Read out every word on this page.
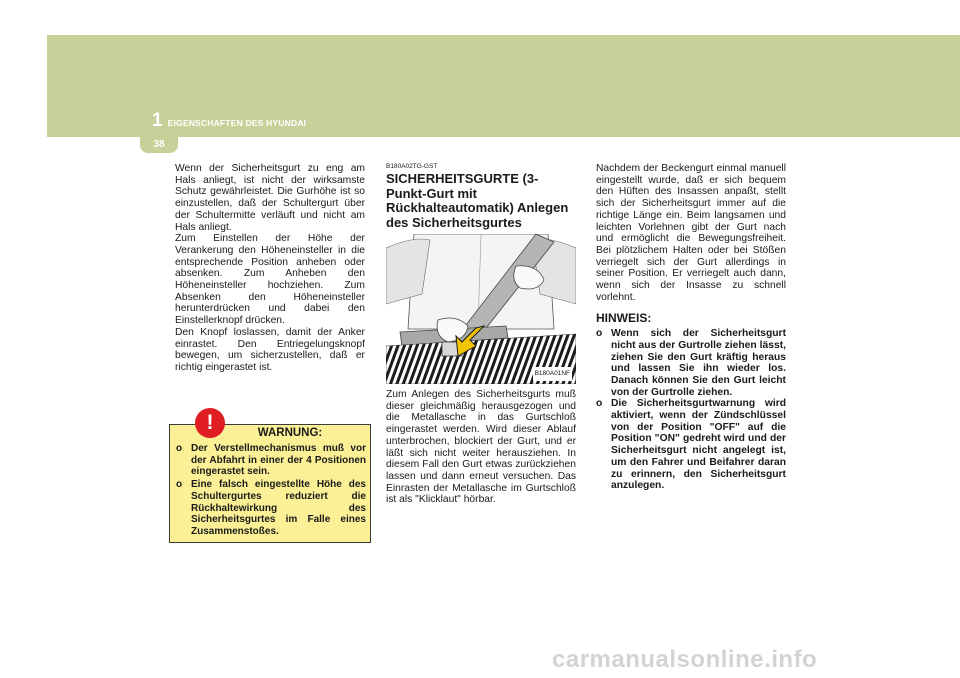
1 EIGENSCHAFTEN DES HYUNDAI
38

Wenn der Sicherheitsgurt zu eng am Hals anliegt, ist nicht der wirksamste Schutz gewährleistet. Die Gurhöhe ist so einzustellen, daß der Schultergurt über der Schultermitte verläuft und nicht am Hals anliegt.

Zum Einstellen der Höhe der Verankerung den Höheneinsteller in die entsprechende Position anheben oder absenken. Zum Anheben den Höheneinsteller hochziehen. Zum Absenken den Höheneinsteller herunterdrücken und dabei den Einstellerknopf drücken.

Den Knopf loslassen, damit der Anker einrastet. Den Entriegelungsknopf bewegen, um sicherzustellen, daß er richtig eingerastet ist.

!	WARNUNG:
o Der Verstellmechanismus muß vor der Abfahrt in einer der 4 Positionen eingerastet sein.
o Eine falsch eingestellte Höhe des Schultergurtes reduziert die Rückhaltewirkung des Sicherheitsgurtes im Falle eines Zusammenstoßes.
B180A02TG-GST
SICHERHEITSGURTE (3-Punkt-Gurt mit Rückhalteautomatik) Anlegen des Sicherheitsgurtes
B180A01NF

Zum Anlegen des Sicherheitsgurts muß dieser gleichmäßig herausgezogen und die Metallasche in das Gurtschloß eingerastet werden. Wird dieser Ablauf unterbrochen, blockiert der Gurt, und er läßt sich nicht weiter herausziehen. In diesem Fall den Gurt etwas zurückziehen lassen und dann erneut versuchen. Das Einrasten der Metallasche im Gurtschloß ist als "Klicklaut" hörbar.

Nachdem der Beckengurt einmal manuell eingestellt wurde, daß er sich bequem den Hüften des Insassen anpaßt, stellt sich der Sicherheitsgurt immer auf die richtige Länge ein. Beim langsamen und leichten Vorlehnen gibt der Gurt nach und ermöglicht die Bewegungsfreiheit. Bei plötzlichem Halten oder bei Stößen verriegelt sich der Gurt allerdings in seiner Position. Er verriegelt auch dann, wenn sich der Insasse zu schnell vorlehnt.

HINWEIS:
o Wenn sich der Sicherheitsgurt nicht aus der Gurtrolle ziehen lässt, ziehen Sie den Gurt kräftig heraus und lassen Sie ihn wieder los. Danach können Sie den Gurt leicht von der Gurtrolle ziehen.
o Die Sicherheitsgurtwarnung wird aktiviert, wenn der Zündschlüssel von der Position "OFF" auf die Position "ON" gedreht wird und der Sicherheitsgurt nicht angelegt ist, um den Fahrer und Beifahrer daran zu erinnern, den Sicherheitsgurt anzulegen.
carmanualsonline.info
